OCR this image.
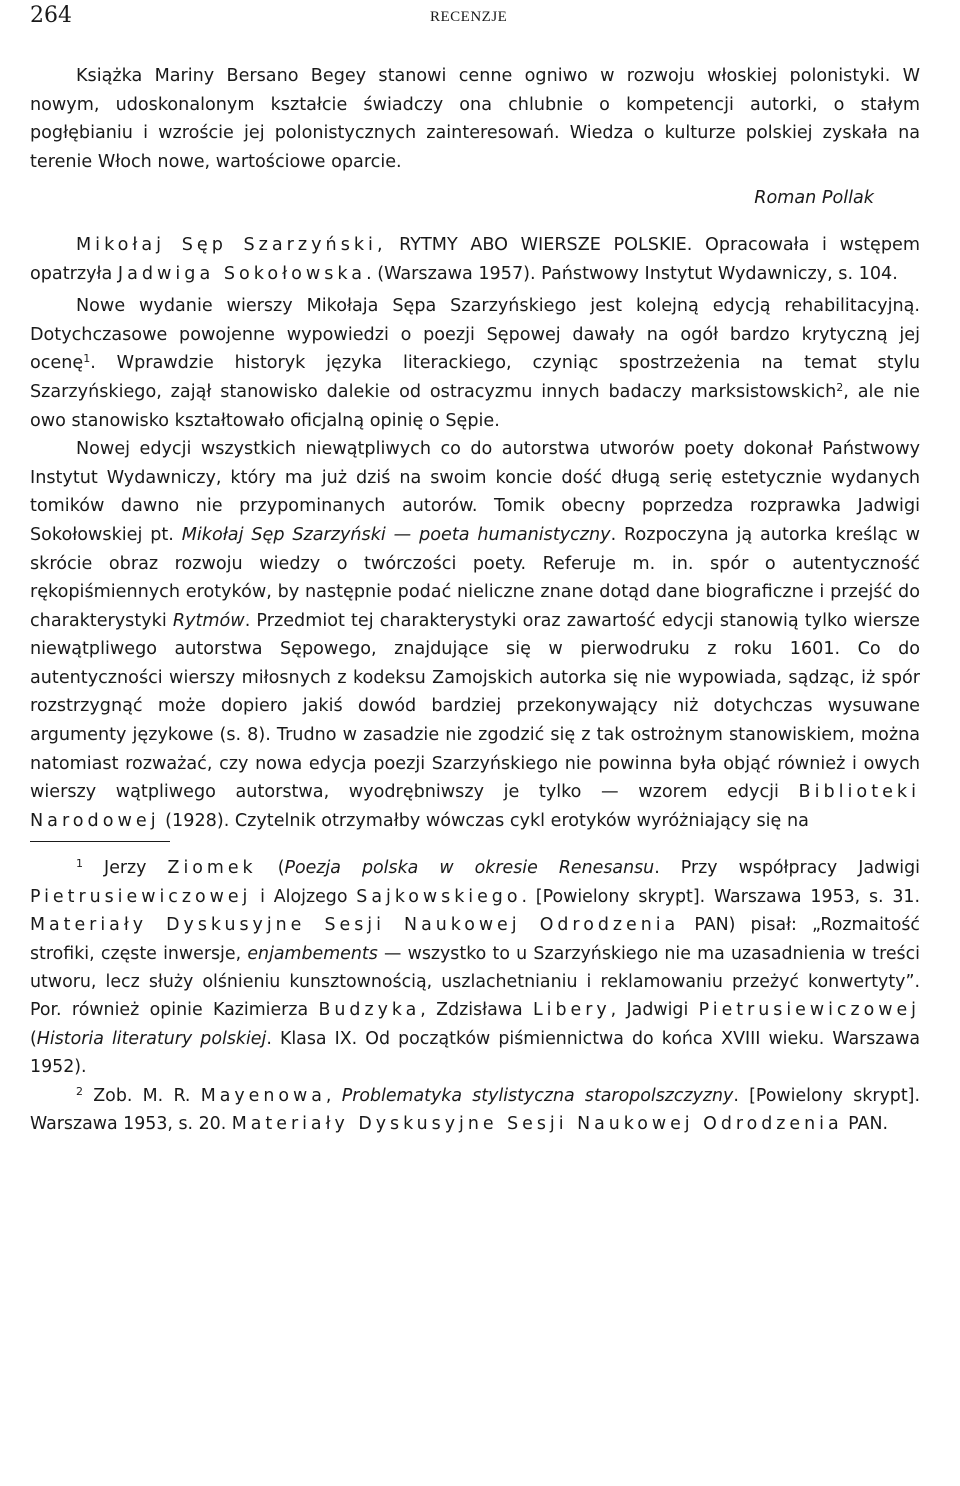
264	RECENZJE

Książka Mariny Bersano Begey stanowi cenne ogniwo w rozwoju włoskiej polonistyki. W nowym, udoskonalonym kształcie świadczy ona chlubnie o kompetencji autorki, o stałym pogłębianiu i wzroście jej polonistycznych zainteresowań. Wiedza o kulturze polskiej zyskała na terenie Włoch nowe, wartościowe oparcie.

Roman Pollak

Mikołaj Sęp Szarzyński, RYTMY ABO WIERSZE POLSKIE. Opracowała i wstępem opatrzyła Jadwiga Sokołowska. (Warszawa 1957). Państwowy Instytut Wydawniczy, s. 104.

Nowe wydanie wierszy Mikołaja Sępa Szarzyńskiego jest kolejną edycją rehabilitacyjną. Dotychczasowe powojenne wypowiedzi o poezji Sępowej dawały na ogół bardzo krytyczną jej ocenę$^1$. Wprawdzie historyk języka literackiego, czyniąc spostrzeżenia na temat stylu Szarzyńskiego, zajął stanowisko dalekie od ostracyzmu innych badaczy marksistowskich$^2$, ale nie owo stanowisko kształtowało oficjalną opinię o Sępie.

Nowej edycji wszystkich niewątpliwych co do autorstwa utworów poety dokonał Państwowy Instytut Wydawniczy, który ma już dziś na swoim koncie dość długą serię estetycznie wydanych tomików dawno nie przypominanych autorów. Tomik obecny poprzedza rozprawka Jadwigi Sokołowskiej pt. Mikołaj Sęp Szarzyński — poeta humanistyczny. Rozpoczyna ją autorka kreśląc w skrócie obraz rozwoju wiedzy o twórczości poety. Referuje m. in. spór o autentyczność rękopiśmiennych erotyków, by następnie podać nieliczne znane dotąd dane biograficzne i przejść do charakterystyki Rytmów. Przedmiot tej charakterystyki oraz zawartość edycji stanowią tylko wiersze niewątpliwego autorstwa Sępowego, znajdujące się w pierwodruku z roku 1601. Co do autentyczności wierszy miłosnych z kodeksu Zamojskich autorka się nie wypowiada, sądząc, iż spór rozstrzygnąć może dopiero jakiś dowód bardziej przekonywający niż dotychczas wysuwane argumenty językowe (s. 8). Trudno w zasadzie nie zgodzić się z tak ostrożnym stanowiskiem, można natomiast rozważać, czy nowa edycja poezji Szarzyńskiego nie powinna była objąć również i owych wierszy wątpliwego autorstwa, wyodrębniwszy je tylko — wzorem edycji Biblioteki Narodowej (1928). Czytelnik otrzymałby wówczas cykl erotyków wyróżniający się na

$^1$ Jerzy Ziomek (Poezja polska w okresie Renesansu. Przy współpracy Jadwigi Pietrusiewiczowej i Alojzego Sajkowskiego. [Powielony skrypt]. Warszawa 1953, s. 31. Materiały Dyskusyjne Sesji Naukowej Odrodzenia PAN) pisał: „Rozmaitość strofiki, częste inwersje, enjambements — wszystko to u Szarzyńskiego nie ma uzasadnienia w treści utworu, lecz służy olśnieniu kunsztownością, uszlachetnianiu i reklamowaniu przeżyć konwertyty”. Por. również opinie Kazimierza Budzyka, Zdzisława Libery, Jadwigi Pietrusiewiczowej (Historia literatury polskiej. Klasa IX. Od początków piśmiennictwa do końca XVIII wieku. Warszawa 1952).

$^2$ Zob. M. R. Mayenowa, Problematyka stylistyczna staropolszczyzny. [Powielony skrypt]. Warszawa 1953, s. 20. Materiały Dyskusyjne Sesji Naukowej Odrodzenia PAN.
